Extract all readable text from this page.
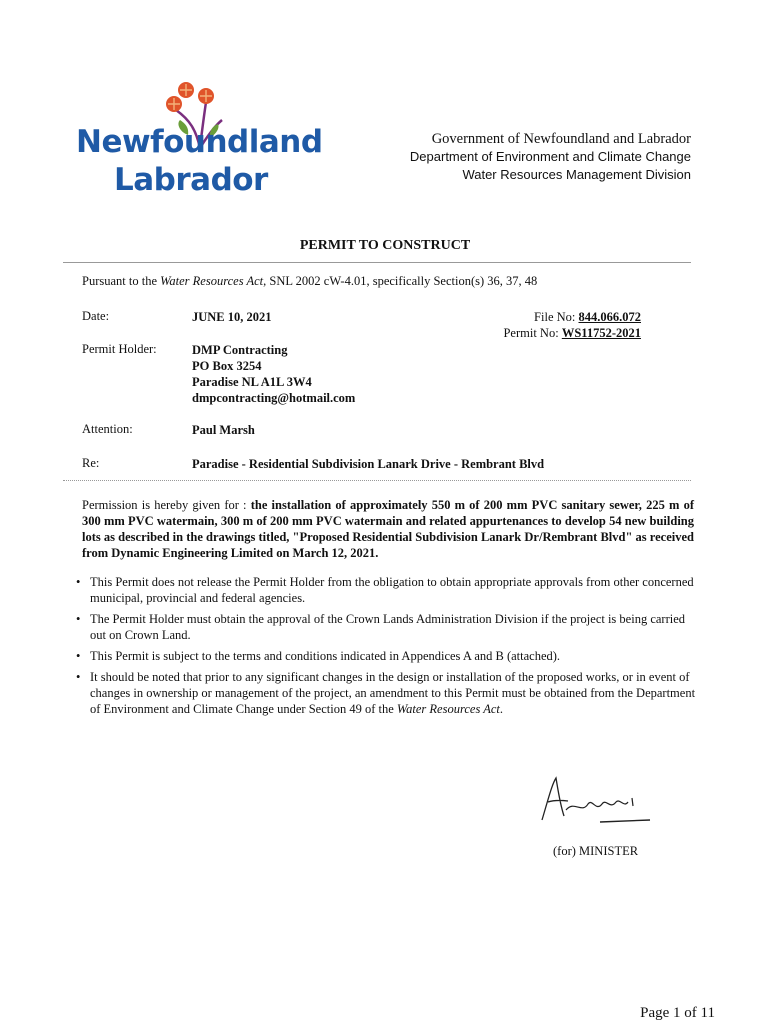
Newfoundland
Labrador
Government of Newfoundland and Labrador
Department of Environment and Climate Change
Water Resources Management Division
PERMIT TO CONSTRUCT
Pursuant to the Water Resources Act, SNL 2002 cW-4.01, specifically Section(s) 36, 37, 48
Date:	JUNE 10, 2021	File No: 844.066.072
Permit No: WS11752-2021
Permit Holder:	DMP Contracting
PO Box 3254
Paradise NL A1L 3W4
dmpcontracting@hotmail.com
Attention:	Paul Marsh
Re:	Paradise - Residential Subdivision Lanark Drive - Rembrant Blvd
Permission is hereby given for : the installation of approximately 550 m of 200 mm PVC sanitary sewer, 225 m of 300 mm PVC watermain, 300 m of 200 mm PVC watermain and related appurtenances to develop 54 new building lots as described in the drawings titled, "Proposed Residential Subdivision Lanark Dr/Rembrant Blvd" as received from Dynamic Engineering Limited on March 12, 2021.
• This Permit does not release the Permit Holder from the obligation to obtain appropriate approvals from other concerned municipal, provincial and federal agencies.
• The Permit Holder must obtain the approval of the Crown Lands Administration Division if the project is being carried out on Crown Land.
• This Permit is subject to the terms and conditions indicated in Appendices A and B (attached).
• It should be noted that prior to any significant changes in the design or installation of the proposed works, or in event of changes in ownership or management of the project, an amendment to this Permit must be obtained from the Department of Environment and Climate Change under Section 49 of the Water Resources Act.
(for) MINISTER
Page 1 of 11
